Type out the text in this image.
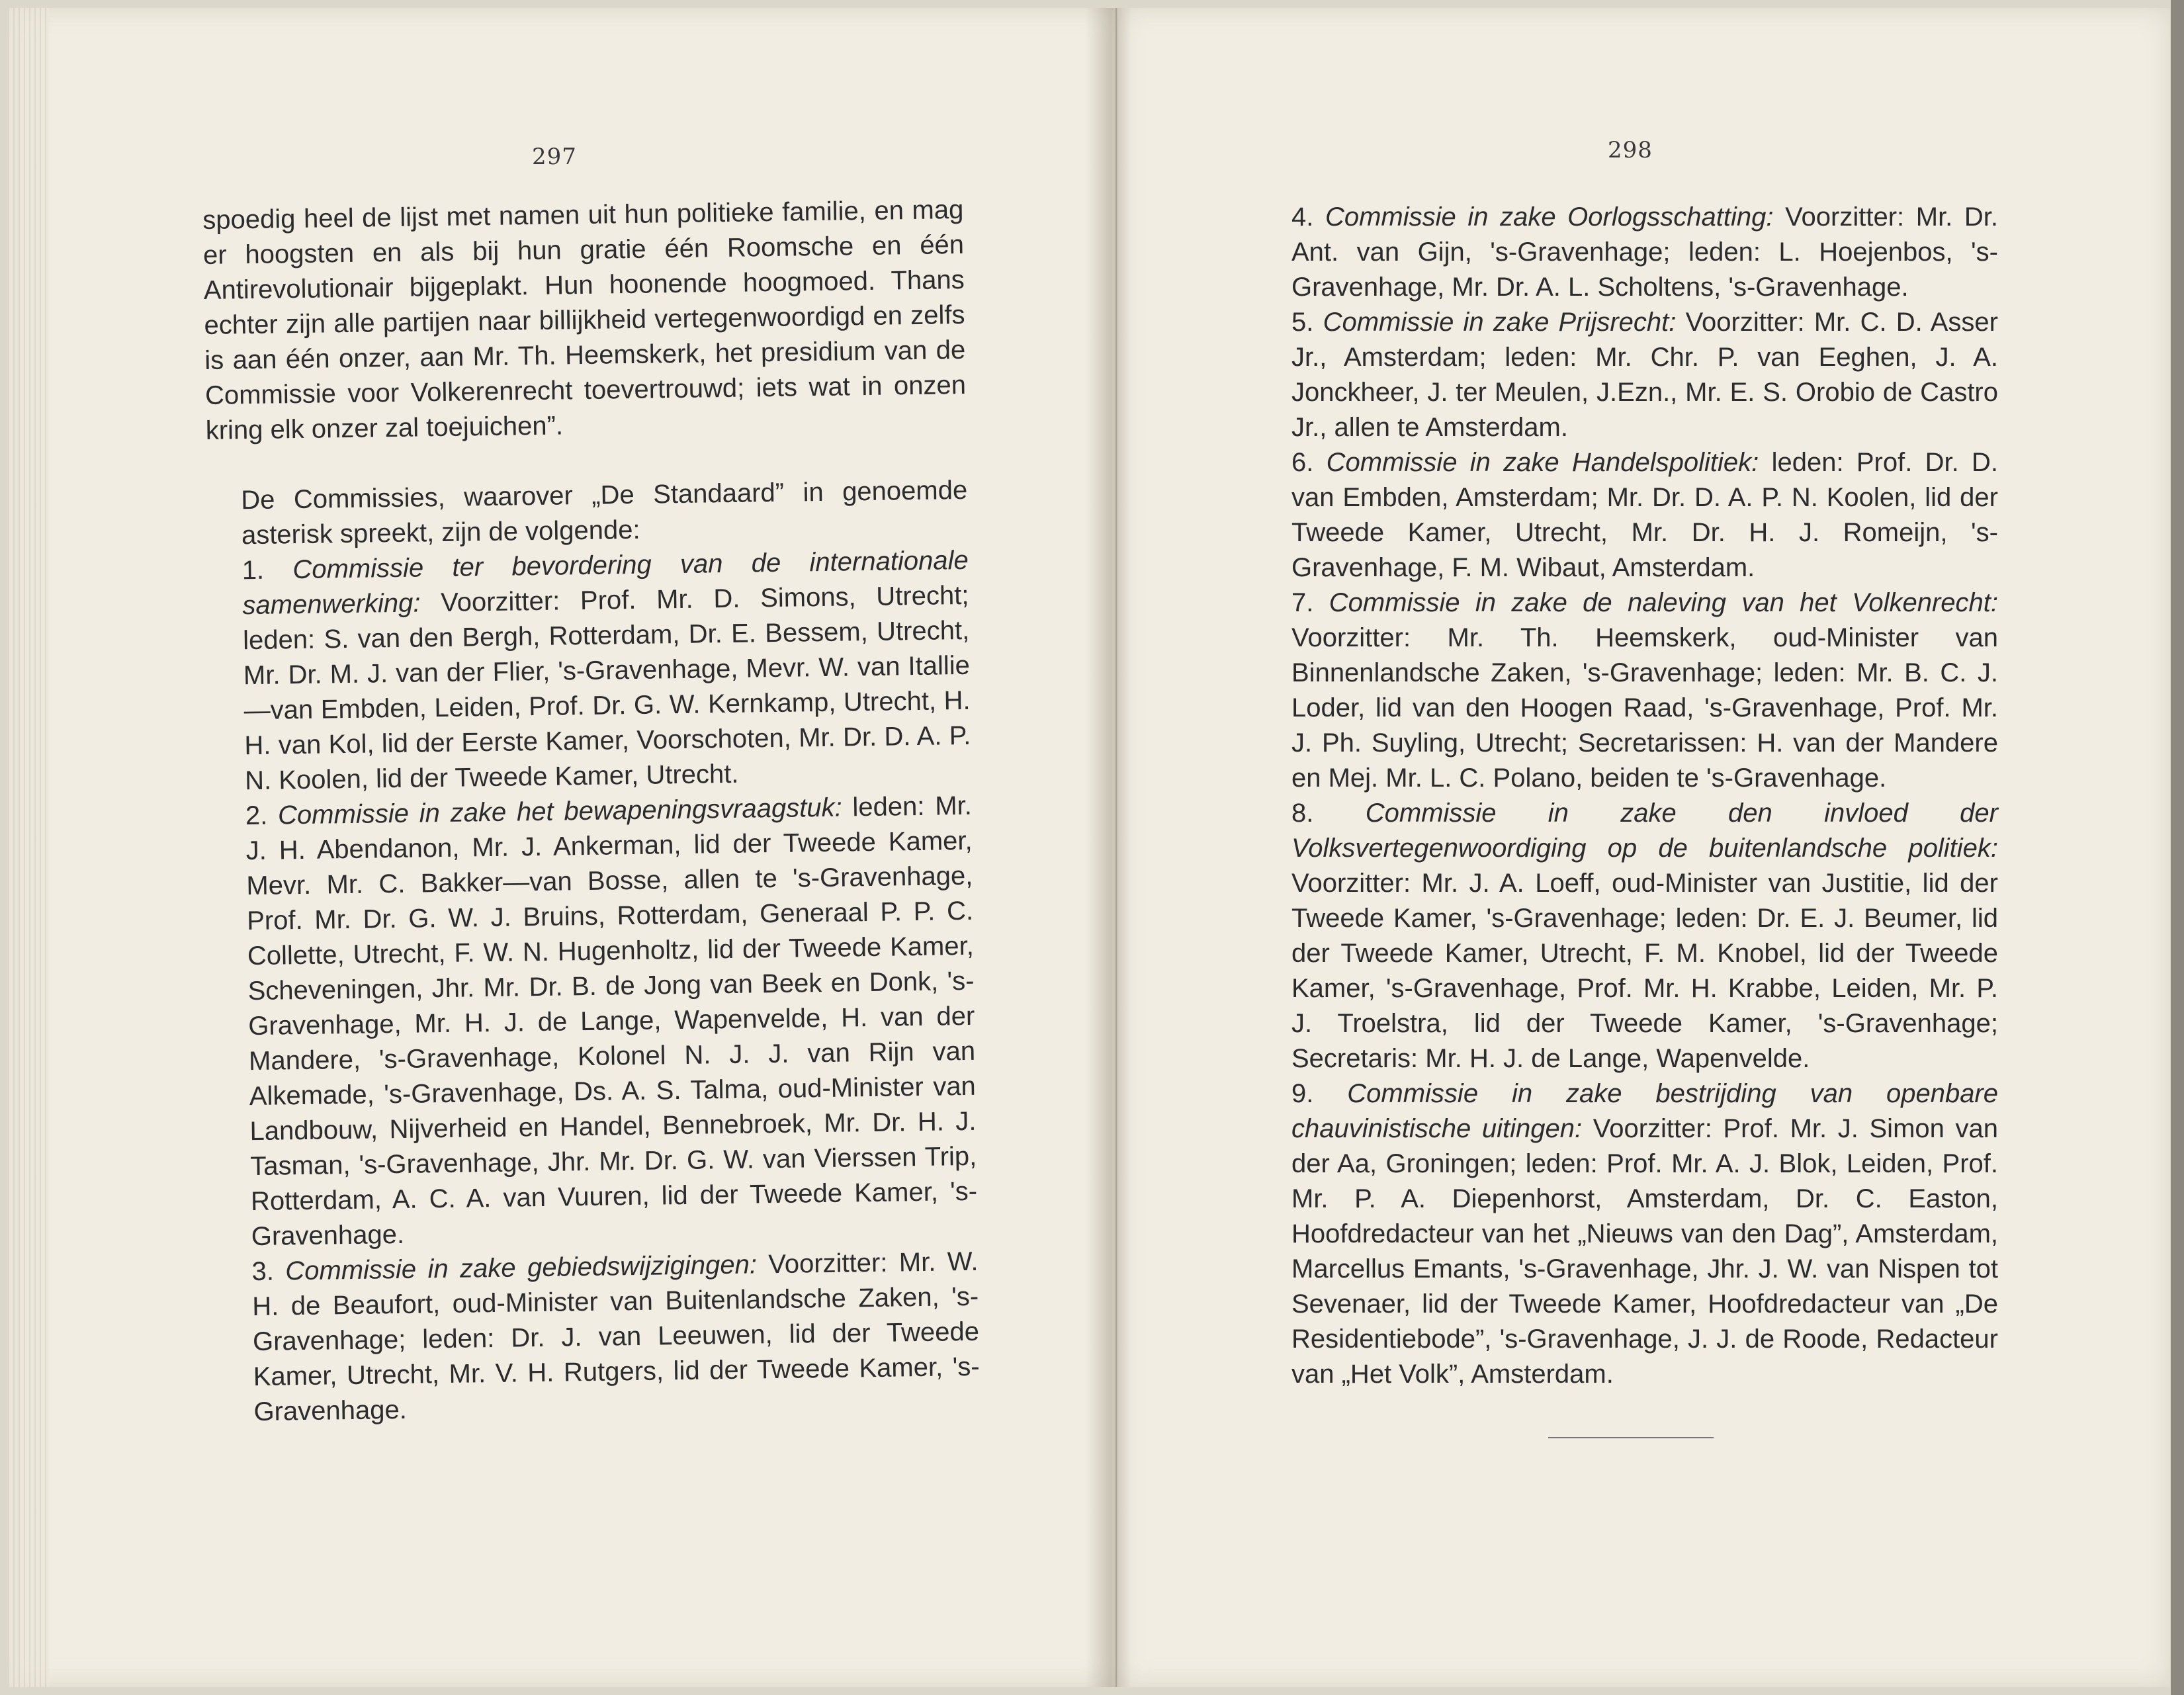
297

spoedig heel de lijst met namen uit hun politieke familie, en mag er hoogsten en als bij hun gratie één Roomsche en één Antirevolutionair bijgeplakt. Hun hoonende hoogmoed. Thans echter zijn alle partijen naar billijkheid vertegenwoordigd en zelfs is aan één onzer, aan Mr. Th. Heemskerk, het presidium van de Commissie voor Volkerenrecht toevertrouwd; iets wat in onzen kring elk onzer zal toejuichen”.

De Commissies, waarover „De Standaard” in genoemde asterisk spreekt, zijn de volgende:

1. Commissie ter bevordering van de internationale samenwerking: Voorzitter: Prof. Mr. D. Simons, Utrecht; leden: S. van den Bergh, Rotterdam, Dr. E. Bessem, Utrecht, Mr. Dr. M. J. van der Flier, 's-Gravenhage, Mevr. W. van Itallie—van Embden, Leiden, Prof. Dr. G. W. Kernkamp, Utrecht, H. H. van Kol, lid der Eerste Kamer, Voorschoten, Mr. Dr. D. A. P. N. Koolen, lid der Tweede Kamer, Utrecht.

2. Commissie in zake het bewapeningsvraagstuk: leden: Mr. J. H. Abendanon, Mr. J. Ankerman, lid der Tweede Kamer, Mevr. Mr. C. Bakker—van Bosse, allen te 's-Gravenhage, Prof. Mr. Dr. G. W. J. Bruins, Rotterdam, Generaal P. P. C. Collette, Utrecht, F. W. N. Hugenholtz, lid der Tweede Kamer, Scheveningen, Jhr. Mr. Dr. B. de Jong van Beek en Donk, 's-Gravenhage, Mr. H. J. de Lange, Wapenvelde, H. van der Mandere, 's-Gravenhage, Kolonel N. J. J. van Rijn van Alkemade, 's-Gravenhage, Ds. A. S. Talma, oud-Minister van Landbouw, Nijverheid en Handel, Bennebroek, Mr. Dr. H. J. Tasman, 's-Gravenhage, Jhr. Mr. Dr. G. W. van Vierssen Trip, Rotterdam, A. C. A. van Vuuren, lid der Tweede Kamer, 's-Gravenhage.

3. Commissie in zake gebiedswijzigingen: Voorzitter: Mr. W. H. de Beaufort, oud-Minister van Buitenlandsche Zaken, 's-Gravenhage; leden: Dr. J. van Leeuwen, lid der Tweede Kamer, Utrecht, Mr. V. H. Rutgers, lid der Tweede Kamer, 's-Gravenhage.

298

4. Commissie in zake Oorlogsschatting: Voorzitter: Mr. Dr. Ant. van Gijn, 's-Gravenhage; leden: L. Hoejenbos, 's-Gravenhage, Mr. Dr. A. L. Scholtens, 's-Gravenhage.

5. Commissie in zake Prijsrecht: Voorzitter: Mr. C. D. Asser Jr., Amsterdam; leden: Mr. Chr. P. van Eeghen, J. A. Jonckheer, J. ter Meulen, J.Ezn., Mr. E. S. Orobio de Castro Jr., allen te Amsterdam.

6. Commissie in zake Handelspolitiek: leden: Prof. Dr. D. van Embden, Amsterdam; Mr. Dr. D. A. P. N. Koolen, lid der Tweede Kamer, Utrecht, Mr. Dr. H. J. Romeijn, 's-Gravenhage, F. M. Wibaut, Amsterdam.

7. Commissie in zake de naleving van het Volkenrecht: Voorzitter: Mr. Th. Heemskerk, oud-Minister van Binnenlandsche Zaken, 's-Gravenhage; leden: Mr. B. C. J. Loder, lid van den Hoogen Raad, 's-Gravenhage, Prof. Mr. J. Ph. Suyling, Utrecht; Secretarissen: H. van der Mandere en Mej. Mr. L. C. Polano, beiden te 's-Gravenhage.

8. Commissie in zake den invloed der Volksvertegenwoordiging op de buitenlandsche politiek: Voorzitter: Mr. J. A. Loeff, oud-Minister van Justitie, lid der Tweede Kamer, 's-Gravenhage; leden: Dr. E. J. Beumer, lid der Tweede Kamer, Utrecht, F. M. Knobel, lid der Tweede Kamer, 's-Gravenhage, Prof. Mr. H. Krabbe, Leiden, Mr. P. J. Troelstra, lid der Tweede Kamer, 's-Gravenhage; Secretaris: Mr. H. J. de Lange, Wapenvelde.

9. Commissie in zake bestrijding van openbare chauvinistische uitingen: Voorzitter: Prof. Mr. J. Simon van der Aa, Groningen; leden: Prof. Mr. A. J. Blok, Leiden, Prof. Mr. P. A. Diepenhorst, Amsterdam, Dr. C. Easton, Hoofdredacteur van het „Nieuws van den Dag”, Amsterdam, Marcellus Emants, 's-Gravenhage, Jhr. J. W. van Nispen tot Sevenaer, lid der Tweede Kamer, Hoofdredacteur van „De Residentiebode”, 's-Gravenhage, J. J. de Roode, Redacteur van „Het Volk”, Amsterdam.
